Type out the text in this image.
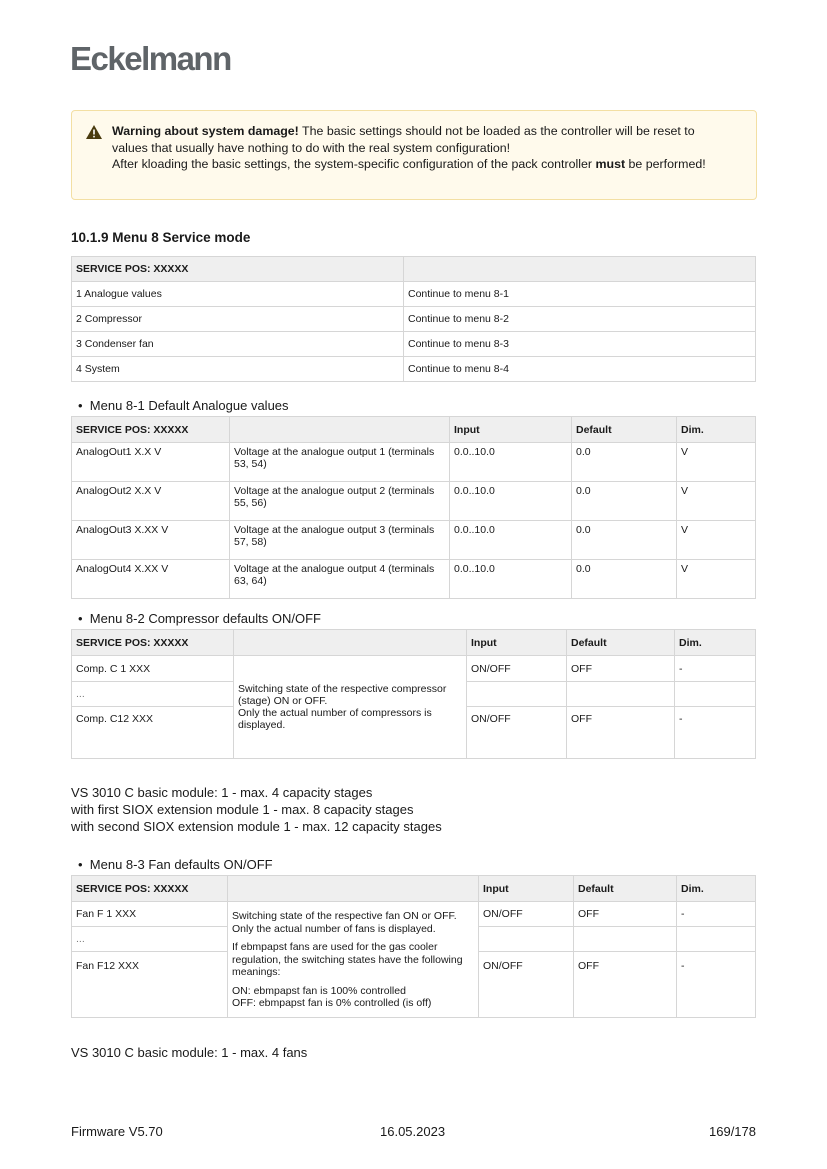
Eckelmann
Warning about system damage! The basic settings should not be loaded as the controller will be reset to values that usually have nothing to do with the real system configuration!
After kloading the basic settings, the system-specific configuration of the pack controller must be performed!
10.1.9 Menu 8 Service mode
SERVICE POS: XXXXX	
1 Analogue values	Continue to menu 8-1
2 Compressor	Continue to menu 8-2
3 Condenser fan	Continue to menu 8-3
4 System	Continue to menu 8-4
•  Menu 8-1 Default Analogue values
SERVICE POS: XXXXX		Input	Default	Dim.
AnalogOut1 X.X V	Voltage at the analogue output 1 (terminals 53, 54)	0.0..10.0	0.0	V
AnalogOut2 X.X V	Voltage at the analogue output 2 (terminals 55, 56)	0.0..10.0	0.0	V
AnalogOut3 X.XX V	Voltage at the analogue output 3 (terminals 57, 58)	0.0..10.0	0.0	V
AnalogOut4 X.XX V	Voltage at the analogue output 4 (terminals 63, 64)	0.0..10.0	0.0	V
•  Menu 8-2 Compressor defaults ON/OFF
SERVICE POS: XXXXX		Input	Default	Dim.
Comp. C 1 XXX	Switching state of the respective compressor (stage) ON or OFF.
Only the actual number of compressors is displayed.	ON/OFF	OFF	-
...				
Comp. C12 XXX		ON/OFF	OFF	-
VS 3010 C basic module: 1 - max. 4 capacity stages
with first SIOX extension module 1 - max. 8 capacity stages
with second SIOX extension module 1 - max. 12 capacity stages
•  Menu 8-3 Fan defaults ON/OFF
SERVICE POS: XXXXX		Input	Default	Dim.
Fan F 1 XXX	Switching state of the respective fan ON or OFF. Only the actual number of fans is displayed.

If ebmpapst fans are used for the gas cooler regulation, the switching states have the following meanings:

ON: ebmpapst fan is 100% controlled
OFF: ebmpapst fan is 0% controlled (is off)	ON/OFF	OFF	-
...				
Fan F12 XXX		ON/OFF	OFF	-
VS 3010 C basic module: 1 - max. 4 fans
Firmware V5.70	16.05.2023	169/178
